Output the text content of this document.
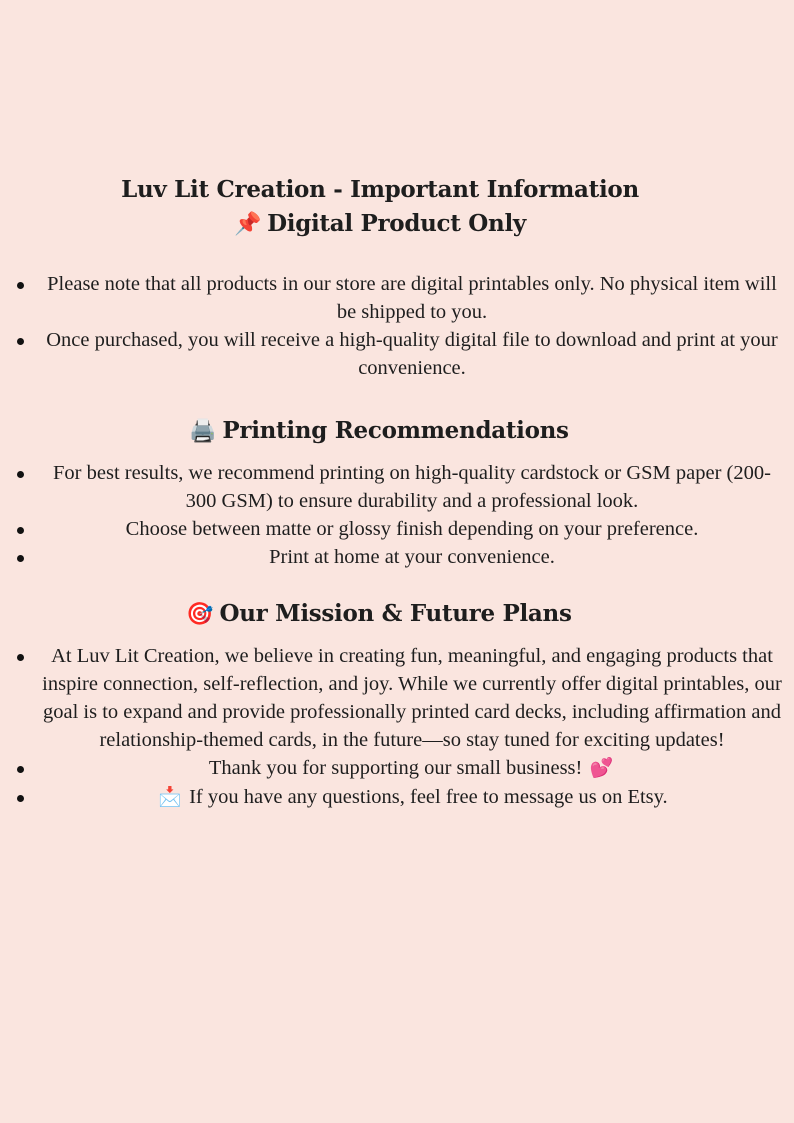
Luv Lit Creation - Important Information
📌 Digital Product Only
Please note that all products in our store are digital printables only. No physical item will be shipped to you.
Once purchased, you will receive a high-quality digital file to download and print at your convenience.
🖨️ Printing Recommendations
For best results, we recommend printing on high-quality cardstock or GSM paper (200-300 GSM) to ensure durability and a professional look.
Choose between matte or glossy finish depending on your preference.
Print at home at your convenience.
🎯 Our Mission & Future Plans
At Luv Lit Creation, we believe in creating fun, meaningful, and engaging products that inspire connection, self-reflection, and joy. While we currently offer digital printables, our goal is to expand and provide professionally printed card decks, including affirmation and relationship-themed cards, in the future—so stay tuned for exciting updates!
Thank you for supporting our small business! 💕
📩 If you have any questions, feel free to message us on Etsy.
